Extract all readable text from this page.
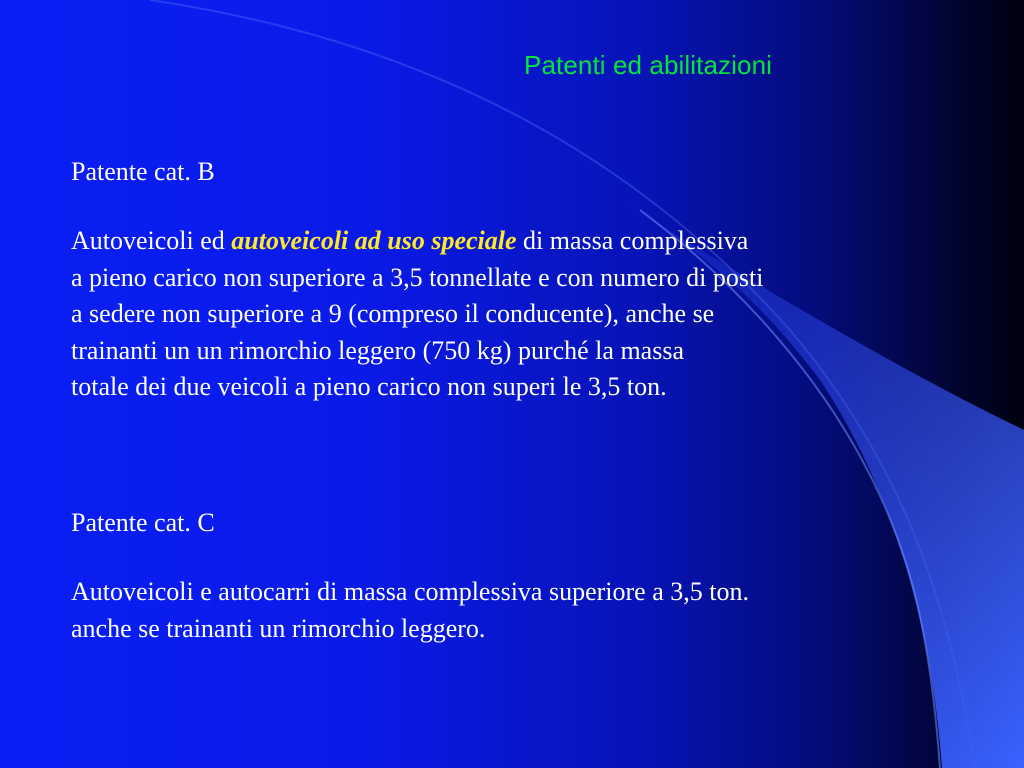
Patenti ed abilitazioni
Patente cat. B
Autoveicoli ed autoveicoli ad uso speciale di massa complessiva
a pieno carico non superiore a 3,5 tonnellate e con numero di posti
a sedere non superiore a 9 (compreso il conducente), anche se
trainanti un un rimorchio leggero (750 kg) purché la massa
totale dei due veicoli a pieno carico non superi le 3,5 ton.
Patente cat. C
Autoveicoli e autocarri di massa complessiva superiore a 3,5 ton.
anche se trainanti un rimorchio leggero.
